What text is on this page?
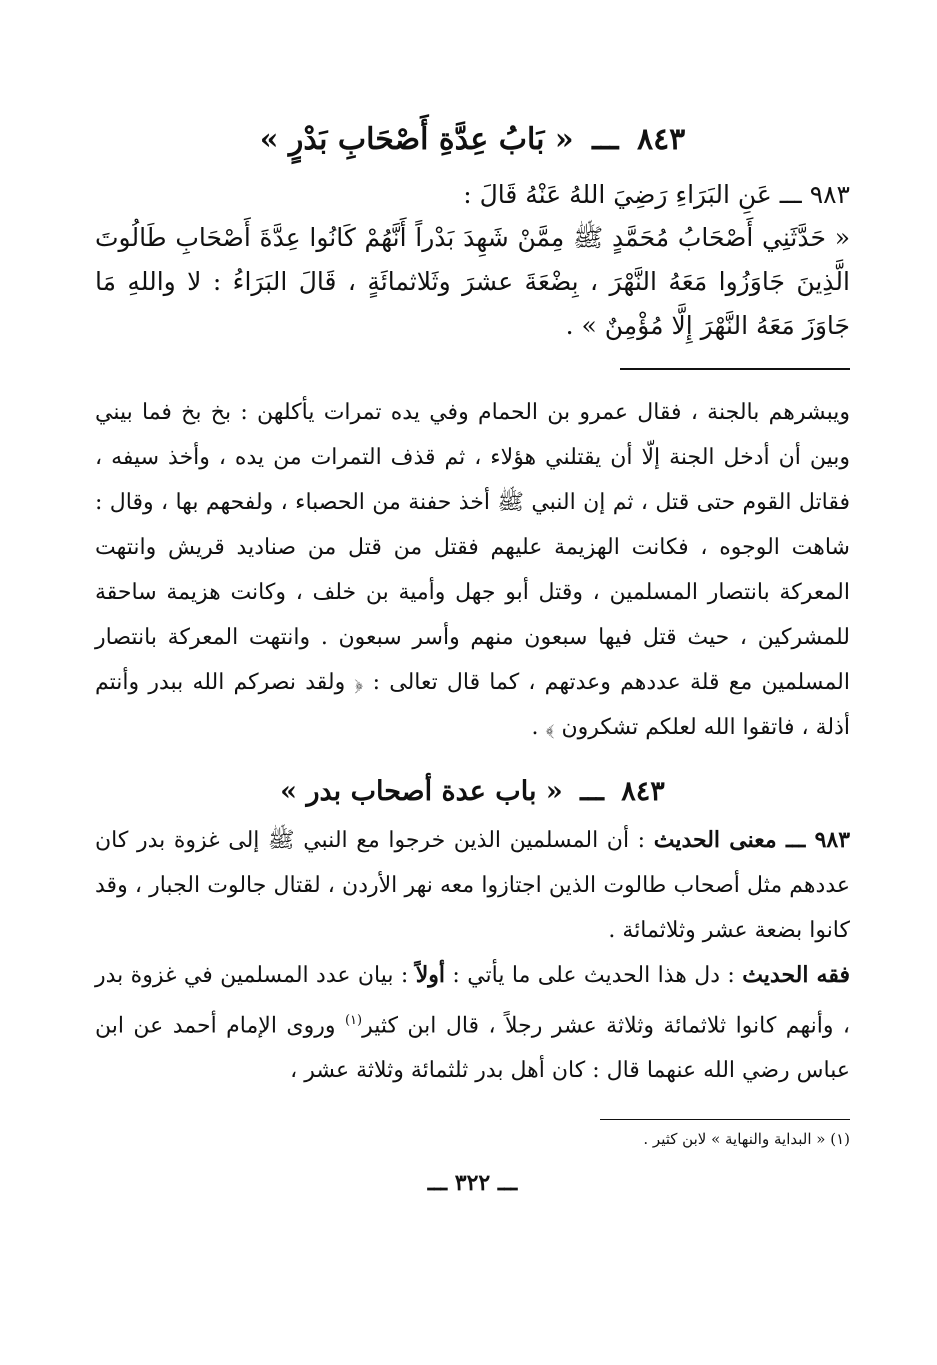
٨٤٣ ـــ « بَابُ عِدَّةِ أَصْحَابِ بَدْرٍ »

٩٨٣ ـــ عَنِ البَرَاءِ رَضِيَ اللهُ عَنْهُ قَالَ :

« حَدَّثَنِي أَصْحَابُ مُحَمَّدٍ ﷺ مِمَّنْ شَهِدَ بَدْراً أَنَّهُمْ كَانُوا عِدَّةَ أَصْحَابِ طَالُوتَ الَّذِينَ جَاوَزُوا مَعَهُ النَّهْرَ ، بِضْعَةَ عشرَ وثَلاثمائَةٍ ، قَالَ البَرَاءُ : لا واللهِ مَا جَاوَزَ مَعَهُ النَّهْرَ إِلَّا مُؤْمِنٌ » .

ويبشرهم بالجنة ، فقال عمرو بن الحمام وفي يده تمرات يأكلهن : بخ بخ فما بيني وبين أن أدخل الجنة إلّا أن يقتلني هؤلاء ، ثم قذف التمرات من يده ، وأخذ سيفه ، فقاتل القوم حتى قتل ، ثم إن النبي ﷺ أخذ حفنة من الحصباء ، ولفحهم بها ، وقال : شاهت الوجوه ، فكانت الهزيمة عليهم فقتل من قتل من صناديد قريش وانتهت المعركة بانتصار المسلمين ، وقتل أبو جهل وأمية بن خلف ، وكانت هزيمة ساحقة للمشركين ، حيث قتل فيها سبعون منهم وأسر سبعون . وانتهت المعركة بانتصار المسلمين مع قلة عددهم وعدتهم ، كما قال تعالى : ﴿ ولقد نصركم الله ببدر وأنتم أذلة ، فاتقوا الله لعلكم تشكرون ﴾ .

٨٤٣ ـــ « باب عدة أصحاب بدر »

٩٨٣ ـــ معنى الحديث : أن المسلمين الذين خرجوا مع النبي ﷺ إلى غزوة بدر كان عددهم مثل أصحاب طالوت الذين اجتازوا معه نهر الأردن ، لقتال جالوت الجبار ، وقد كانوا بضعة عشر وثلاثمائة .

فقه الحديث : دل هذا الحديث على ما يأتي : أولاً : بيان عدد المسلمين في غزوة بدر ، وأنهم كانوا ثلاثمائة وثلاثة عشر رجلاً ، قال ابن كثير$^{(١)}$ وروى الإمام أحمد عن ابن عباس رضي الله عنهما قال : كان أهل بدر ثلثمائة وثلاثة عشر ،

(١) « البداية والنهاية » لابن كثير .

ـــ ٣٢٢ ـــ
